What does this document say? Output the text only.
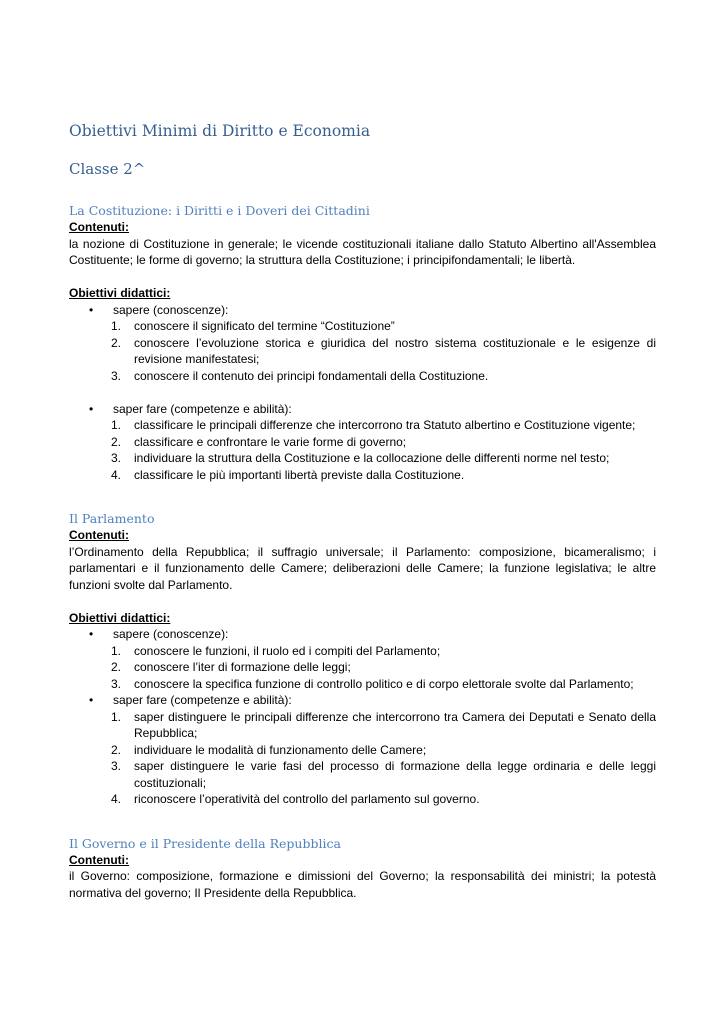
Obiettivi Minimi di Diritto e Economia
Classe 2^
La Costituzione: i Diritti e i Doveri dei Cittadini
Contenuti:

la nozione di Costituzione in generale; le vicende costituzionali italiane dallo Statuto Albertino all'Assemblea Costituente; le forme di governo; la struttura della Costituzione; i principifondamentali; le libertà.

Obiettivi didattici:
• sapere (conoscenze):
1. conoscere il significato del termine “Costituzione”
2. conoscere l’evoluzione storica e giuridica del nostro sistema costituzionale e le esigenze di revisione manifestatesi;
3. conoscere il contenuto dei principi fondamentali della Costituzione.
• saper fare (competenze e abilità):
1. classificare le principali differenze che intercorrono tra Statuto albertino e Costituzione vigente;
2. classificare e confrontare le varie forme di governo;
3. individuare la struttura della Costituzione e la collocazione delle differenti norme nel testo;
4. classificare le più importanti libertà previste dalla Costituzione.
Il Parlamento
Contenuti:

l’Ordinamento della Repubblica; il suffragio universale; il Parlamento: composizione, bicameralismo; i parlamentari e il funzionamento delle Camere; deliberazioni delle Camere; la funzione legislativa; le altre funzioni svolte dal Parlamento.

Obiettivi didattici:
• sapere (conoscenze):
1. conoscere le funzioni, il ruolo ed i compiti del Parlamento;
2. conoscere l’iter di formazione delle leggi;
3. conoscere la specifica funzione di controllo politico e di corpo elettorale svolte dal Parlamento;
• saper fare (competenze e abilità):
1. saper distinguere le principali differenze che intercorrono tra Camera dei Deputati e Senato della Repubblica;
2. individuare le modalità di funzionamento delle Camere;
3. saper distinguere le varie fasi del processo di formazione della legge ordinaria e delle leggi costituzionali;
4. riconoscere l’operatività del controllo del parlamento sul governo.
Il Governo e il Presidente della Repubblica
Contenuti:

il Governo: composizione, formazione e dimissioni del Governo; la responsabilità dei ministri; la potestà normativa del governo; Il Presidente della Repubblica.
